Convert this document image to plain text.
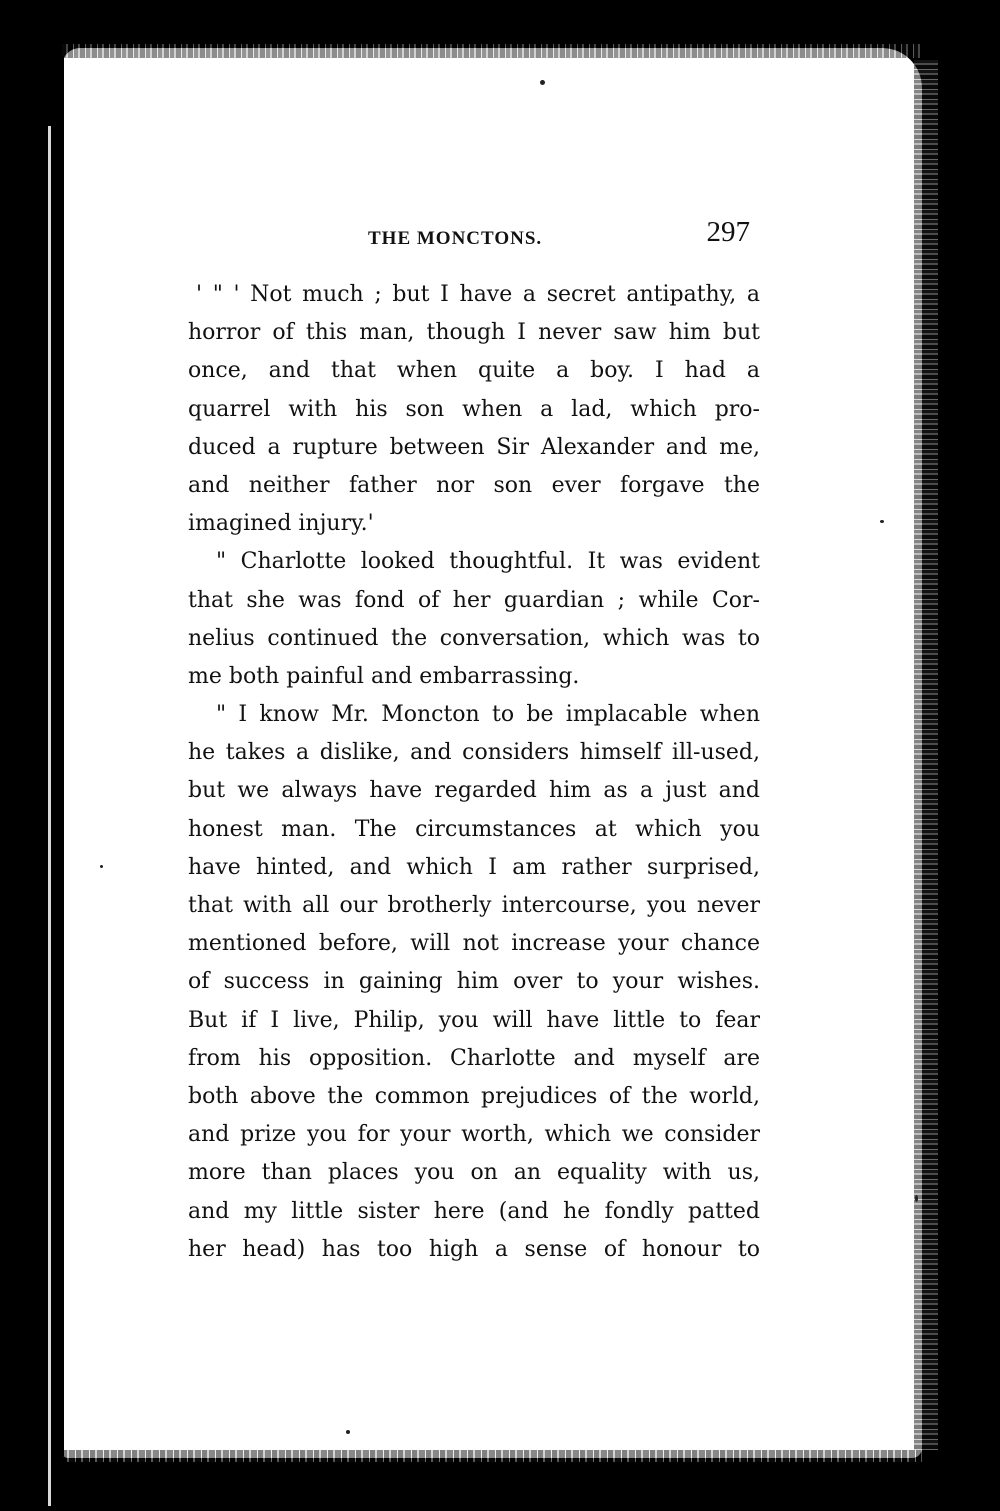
THE MONCTONS.	297
' " ' Not much ; but I have a secret antipathy, a
horror of this man, though I never saw him but
once, and that when quite a boy. I had a
quarrel with his son when a lad, which pro-
duced a rupture between Sir Alexander and me,
and neither father nor son ever forgave the
imagined injury.'
" Charlotte looked thoughtful. It was evident
that she was fond of her guardian ; while Cor-
nelius continued the conversation, which was to
me both painful and embarrassing.
" I know Mr. Moncton to be implacable when
he takes a dislike, and considers himself ill-used,
but we always have regarded him as a just and
honest man. The circumstances at which you
have hinted, and which I am rather surprised,
that with all our brotherly intercourse, you never
mentioned before, will not increase your chance
of success in gaining him over to your wishes.
But if I live, Philip, you will have little to fear
from his opposition. Charlotte and myself are
both above the common prejudices of the world,
and prize you for your worth, which we consider
more than places you on an equality with us,
and my little sister here (and he fondly patted
her head) has too high a sense of honour to
